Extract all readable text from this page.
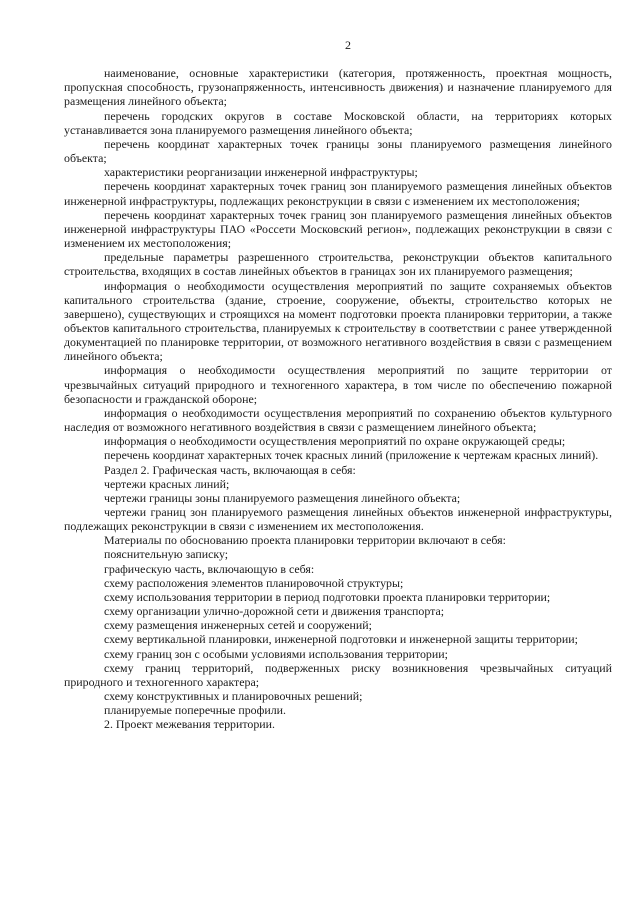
2

наименование, основные характеристики (категория, протяженность, проектная мощность, пропускная способность, грузонапряженность, интенсивность движения) и назначение планируемого для размещения линейного объекта;

перечень городских округов в составе Московской области, на территориях которых устанавливается зона планируемого размещения линейного объекта;

перечень координат характерных точек границы зоны планируемого размещения линейного объекта;

характеристики реорганизации инженерной инфраструктуры;

перечень координат характерных точек границ зон планируемого размещения линейных объектов инженерной инфраструктуры, подлежащих реконструкции в связи с изменением их местоположения;

перечень координат характерных точек границ зон планируемого размещения линейных объектов инженерной инфраструктуры ПАО «Россети Московский регион», подлежащих реконструкции в связи с изменением их местоположения;

предельные параметры разрешенного строительства, реконструкции объектов капитального строительства, входящих в состав линейных объектов в границах зон их планируемого размещения;

информация о необходимости осуществления мероприятий по защите сохраняемых объектов капитального строительства (здание, строение, сооружение, объекты, строительство которых не завершено), существующих и строящихся на момент подготовки проекта планировки территории, а также объектов капитального строительства, планируемых к строительству в соответствии с ранее утвержденной документацией по планировке территории, от возможного негативного воздействия в связи с размещением линейного объекта;

информация о необходимости осуществления мероприятий по защите территории от чрезвычайных ситуаций природного и техногенного характера, в том числе по обеспечению пожарной безопасности и гражданской обороне;

информация о необходимости осуществления мероприятий по сохранению объектов культурного наследия от возможного негативного воздействия в связи с размещением линейного объекта;

информация о необходимости осуществления мероприятий по охране окружающей среды;

перечень координат характерных точек красных линий (приложение к чертежам красных линий).

Раздел 2. Графическая часть, включающая в себя:

чертежи красных линий;

чертежи границы зоны планируемого размещения линейного объекта;

чертежи границ зон планируемого размещения линейных объектов инженерной инфраструктуры, подлежащих реконструкции в связи с изменением их местоположения.

Материалы по обоснованию проекта планировки территории включают в себя:

пояснительную записку;

графическую часть, включающую в себя:

схему расположения элементов планировочной структуры;

схему использования территории в период подготовки проекта планировки территории;

схему организации улично-дорожной сети и движения транспорта;

схему размещения инженерных сетей и сооружений;

схему вертикальной планировки, инженерной подготовки и инженерной защиты территории;

схему границ зон с особыми условиями использования территории;

схему границ территорий, подверженных риску возникновения чрезвычайных ситуаций природного и техногенного характера;

схему конструктивных и планировочных решений;

планируемые поперечные профили.

2. Проект межевания территории.
